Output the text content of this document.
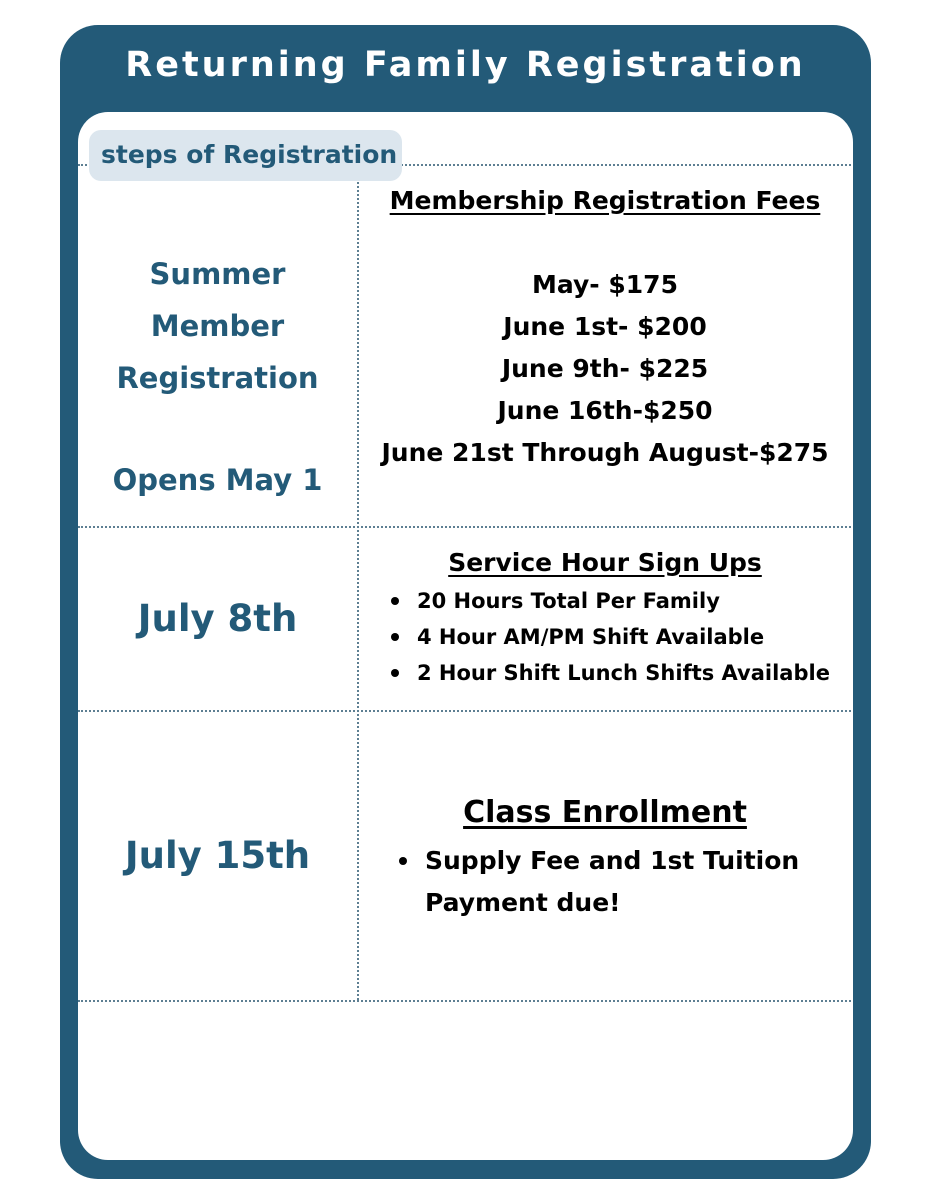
Returning Family Registration
steps of Registration
Summer Member
Registration
Opens May 1
Membership Registration Fees
May- $175
June 1st- $200
June 9th- $225
June 16th-$250
June 21st Through August-$275
July 8th
Service Hour Sign Ups
20 Hours Total Per Family
4 Hour AM/PM Shift Available
2 Hour Shift Lunch Shifts Available
July 15th
Class Enrollment
Supply Fee and 1st Tuition Payment due!
